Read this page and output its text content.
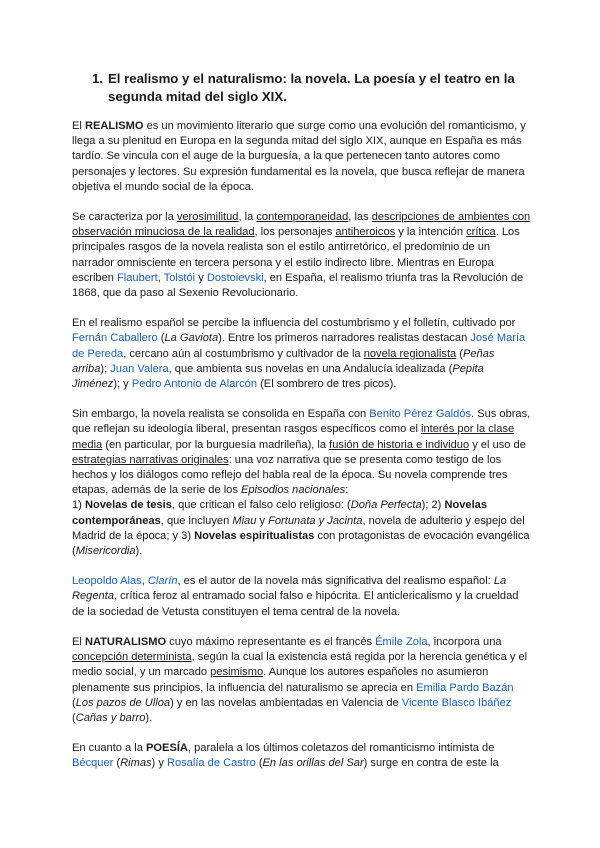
1. El realismo y el naturalismo: la novela. La poesía y el teatro en la segunda mitad del siglo XIX.

El REALISMO es un movimiento literario que surge como una evolución del romanticismo, y llega a su plenitud en Europa en la segunda mitad del siglo XIX, aunque en España es más tardío. Se vincula con el auge de la burguesía, a la que pertenecen tanto autores como personajes y lectores. Su expresión fundamental es la novela, que busca reflejar de manera objetiva el mundo social de la época.

Se caracteriza por la verosimilitud, la contemporaneidad, las descripciones de ambientes con observación minuciosa de la realidad, los personajes antiheroicos y la intención crítica. Los principales rasgos de la novela realista son el estilo antirretórico, el predominio de un narrador omnisciente en tercera persona y el estilo indirecto libre. Mientras en Europa escriben Flaubert, Tolstói y Dostoievski, en España, el realismo triunfa tras la Revolución de 1868, que da paso al Sexenio Revolucionario.

En el realismo español se percibe la influencia del costumbrismo y el folletín, cultivado por Fernán Caballero (La Gaviota). Entre los primeros narradores realistas destacan José María de Pereda, cercano aún al costumbrismo y cultivador de la novela regionalista (Peñas arriba); Juan Valera, que ambienta sus novelas en una Andalucía idealizada (Pepita Jiménez); y Pedro Antonio de Alarcón (El sombrero de tres picos).

Sin embargo, la novela realista se consolida en España con Benito Pérez Galdós. Sus obras, que reflejan su ideología liberal, presentan rasgos específicos como el interés por la clase media (en particular, por la burguesía madrileña), la fusión de historia e individuo y el uso de estrategias narrativas originales: una voz narrativa que se presenta como testigo de los hechos y los diálogos como reflejo del habla real de la época. Su novela comprende tres etapas, además de la serie de los Episodios nacionales:
1) Novelas de tesis, que critican el falso celo religioso: (Doña Perfecta); 2) Novelas contemporáneas, que incluyen Miau y Fortunata y Jacinta, novela de adulterio y espejo del Madrid de la época; y 3) Novelas espiritualistas con protagonistas de evocación evangélica (Misericordia).

Leopoldo Alas, Clarín, es el autor de la novela más significativa del realismo español: La Regenta, crítica feroz al entramado social falso e hipócrita. El anticlericalismo y la crueldad de la sociedad de Vetusta constituyen el tema central de la novela.

El NATURALISMO cuyo máximo representante es el francés Émile Zola, incorpora una concepción determinista, según la cual la existencia está regida por la herencia genética y el medio social, y un marcado pesimismo. Aunque los autores españoles no asumieron plenamente sus principios, la influencia del naturalismo se aprecia en Emilia Pardo Bazán (Los pazos de Ulloa) y en las novelas ambientadas en Valencia de Vicente Blasco Ibáñez (Cañas y barro).

En cuanto a la POESÍA, paralela a los últimos coletazos del romanticismo intimista de Bécquer (Rimas) y Rosalía de Castro (En las orillas del Sar) surge en contra de este la
